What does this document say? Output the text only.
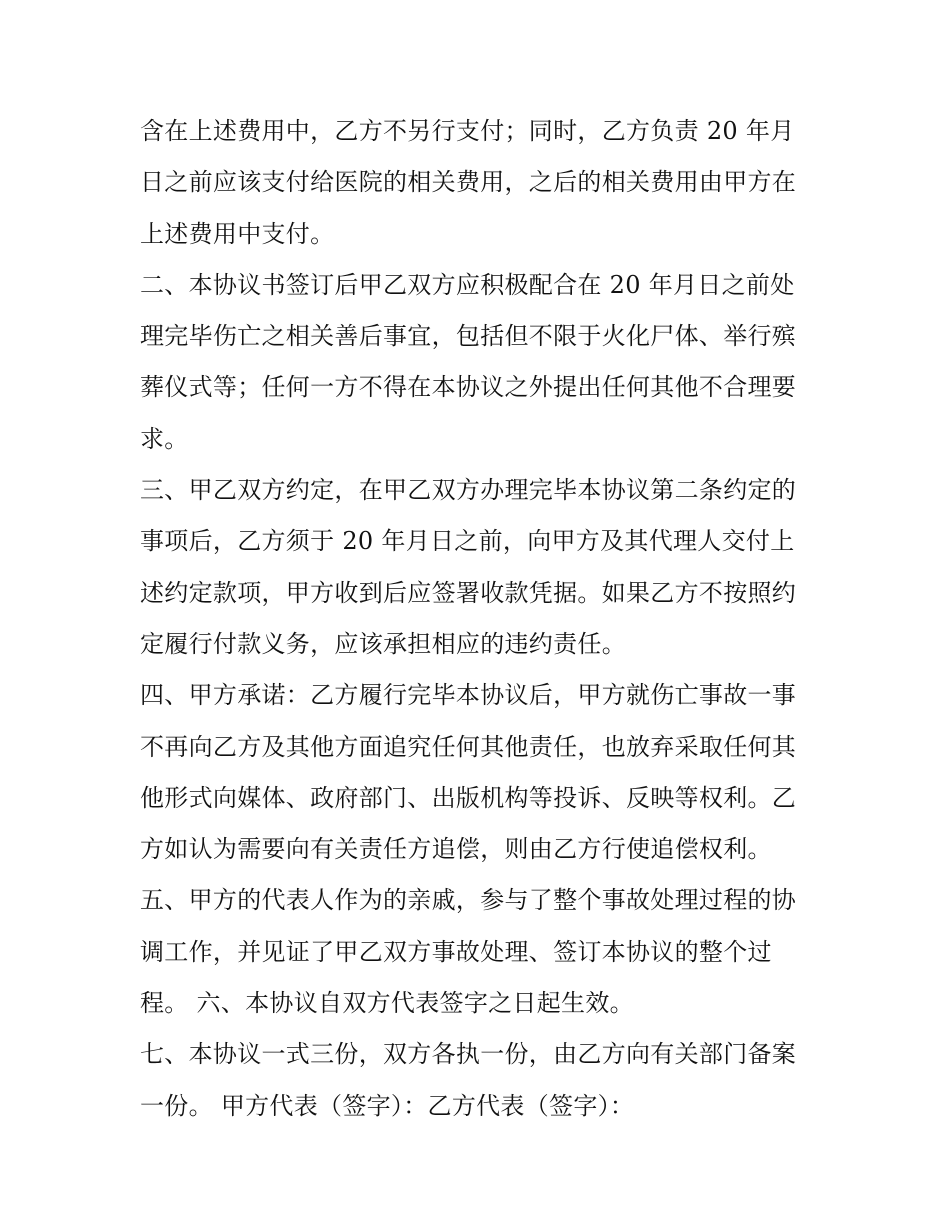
含在上述费用中，乙方不另行支付；同时，乙方负责 20 年月
日之前应该支付给医院的相关费用，之后的相关费用由甲方在
上述费用中支付。
二、本协议书签订后甲乙双方应积极配合在 20 年月日之前处
理完毕伤亡之相关善后事宜，包括但不限于火化尸体、举行殡
葬仪式等；任何一方不得在本协议之外提出任何其他不合理要
求。
三、甲乙双方约定，在甲乙双方办理完毕本协议第二条约定的
事项后，乙方须于 20 年月日之前，向甲方及其代理人交付上
述约定款项，甲方收到后应签署收款凭据。如果乙方不按照约
定履行付款义务，应该承担相应的违约责任。
四、甲方承诺：乙方履行完毕本协议后，甲方就伤亡事故一事
不再向乙方及其他方面追究任何其他责任，也放弃采取任何其
他形式向媒体、政府部门、出版机构等投诉、反映等权利。乙
方如认为需要向有关责任方追偿，则由乙方行使追偿权利。
五、甲方的代表人作为的亲戚，参与了整个事故处理过程的协
调工作，并见证了甲乙双方事故处理、签订本协议的整个过
程。 六、本协议自双方代表签字之日起生效。
七、本协议一式三份，双方各执一份，由乙方向有关部门备案
一份。 甲方代表（签字）：乙方代表（签字）：
